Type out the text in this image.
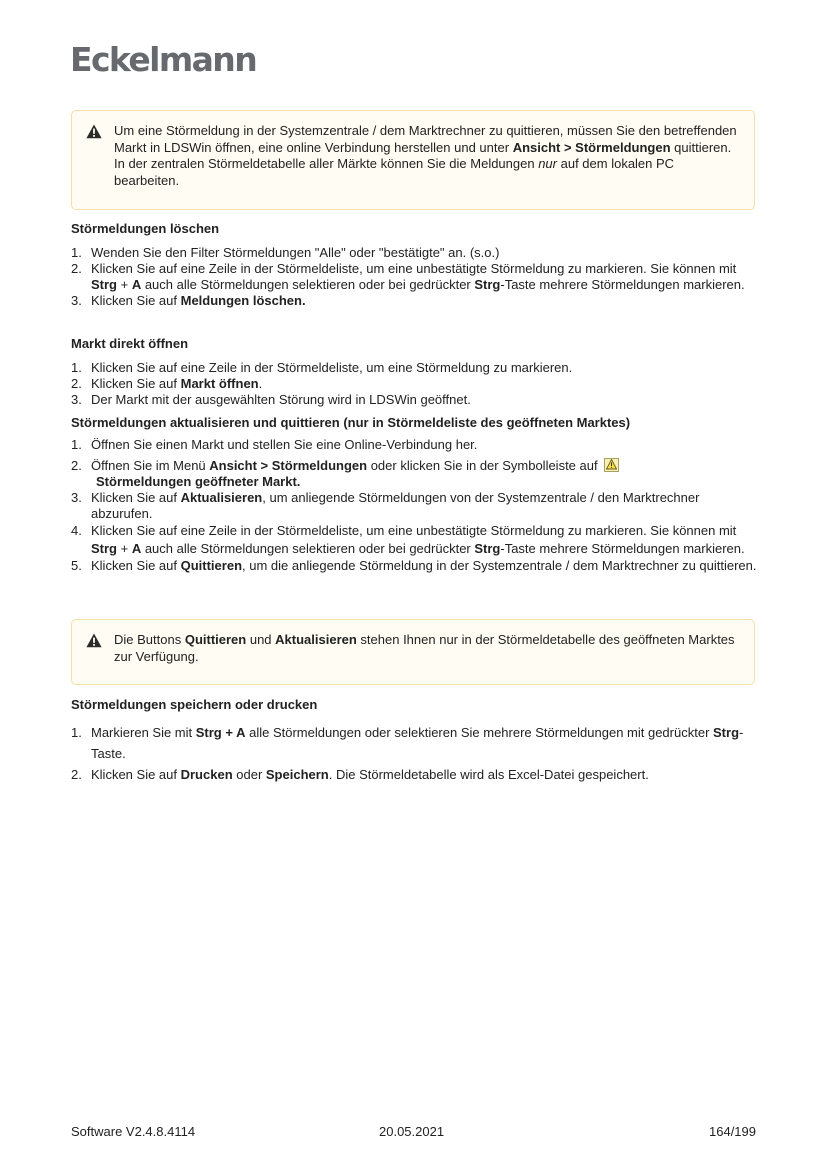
Eckelmann
Um eine Störmeldung in der Systemzentrale / dem Marktrechner zu quittieren, müssen Sie den betreffenden Markt in LDSWin öffnen, eine online Verbindung herstellen und unter Ansicht > Störmeldungen quittieren. In der zentralen Störmeldetabelle aller Märkte können Sie die Meldungen nur auf dem lokalen PC bearbeiten.
Störmeldungen löschen
1. Wenden Sie den Filter Störmeldungen "Alle" oder "bestätigte" an. (s.o.)
2. Klicken Sie auf eine Zeile in der Störmeldeliste, um eine unbestätigte Störmeldung zu markieren. Sie können mit Strg + A auch alle Störmeldungen selektieren oder bei gedrückter Strg-Taste mehrere Störmeldungen markieren.
3. Klicken Sie auf Meldungen löschen.
Markt direkt öffnen
1. Klicken Sie auf eine Zeile in der Störmeldeliste, um eine Störmeldung zu markieren.
2. Klicken Sie auf Markt öffnen.
3. Der Markt mit der ausgewählten Störung wird in LDSWin geöffnet.
Störmeldungen aktualisieren und quittieren (nur in Störmeldeliste des geöffneten Marktes)
1. Öffnen Sie einen Markt und stellen Sie eine Online-Verbindung her.
2. Öffnen Sie im Menü Ansicht > Störmeldungen oder klicken Sie in der Symbolleiste auf

Störmeldungen geöffneter Markt.
3. Klicken Sie auf Aktualisieren, um anliegende Störmeldungen von der Systemzentrale / den Marktrechner abzurufen.
4. Klicken Sie auf eine Zeile in der Störmeldeliste, um eine unbestätigte Störmeldung zu markieren. Sie können mit Strg + A auch alle Störmeldungen selektieren oder bei gedrückter Strg-Taste mehrere Störmeldungen markieren.
5. Klicken Sie auf Quittieren, um die anliegende Störmeldung in der Systemzentrale / dem Marktrechner zu quittieren.
Die Buttons Quittieren und Aktualisieren stehen Ihnen nur in der Störmeldetabelle des geöffneten Marktes zur Verfügung.
Störmeldungen speichern oder drucken
1. Markieren Sie mit Strg + A alle Störmeldungen oder selektieren Sie mehrere Störmeldungen mit gedrückter Strg-Taste.
2. Klicken Sie auf Drucken oder Speichern. Die Störmeldetabelle wird als Excel-Datei gespeichert.
Software V2.4.8.4114	20.05.2021	164/199
